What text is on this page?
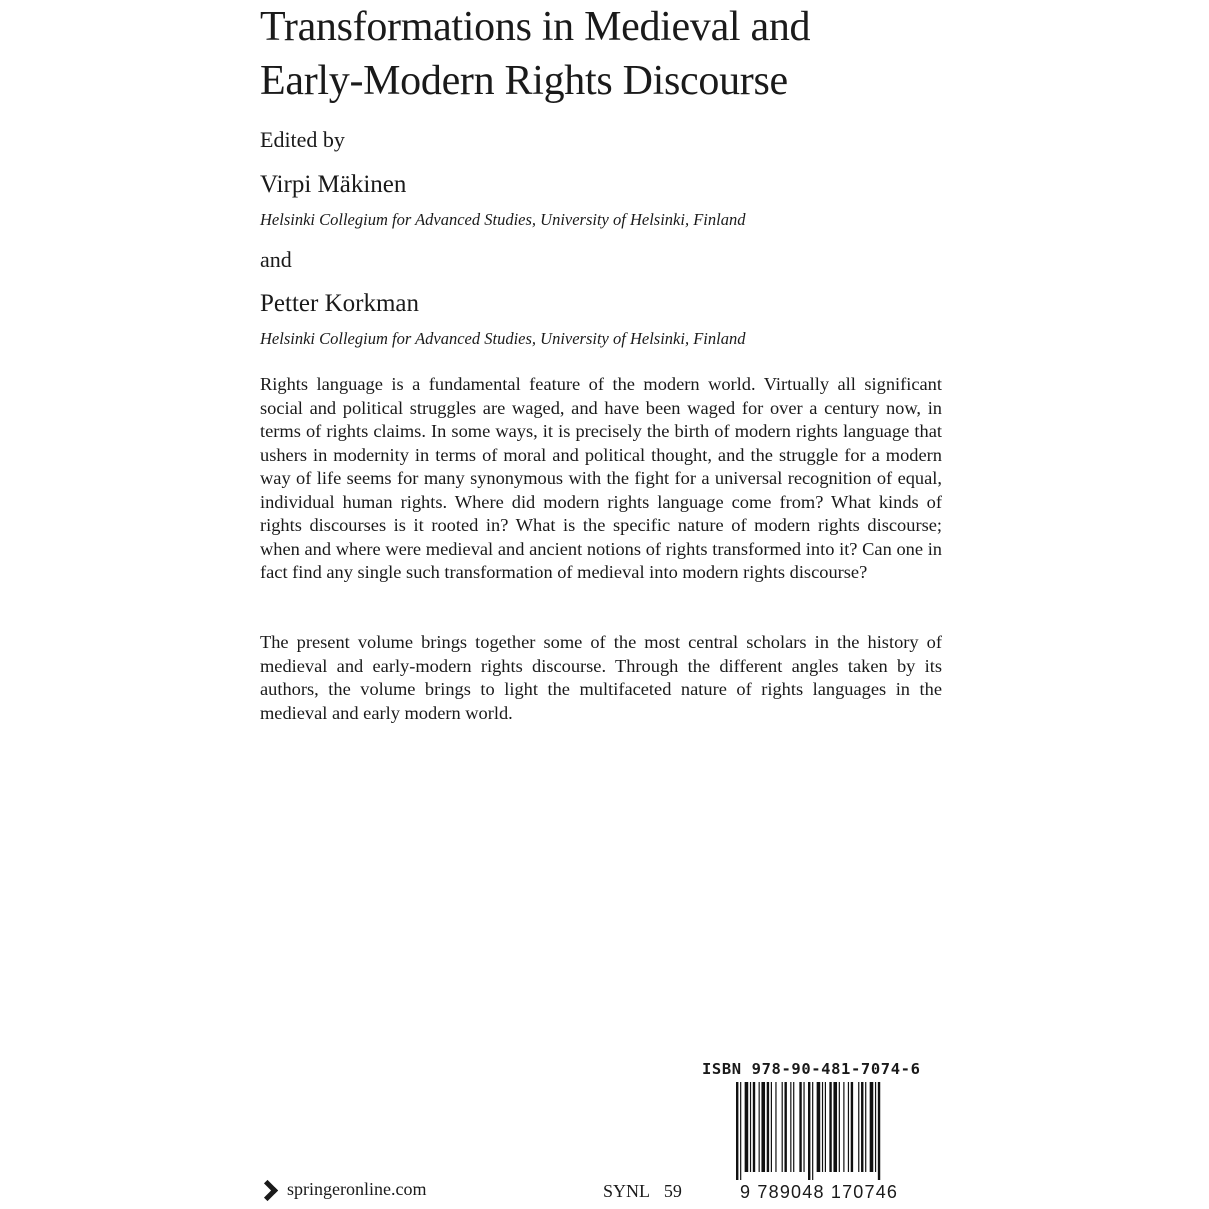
Transformations in Medieval and
Early-Modern Rights Discourse
Edited by
Virpi Mäkinen
Helsinki Collegium for Advanced Studies, University of Helsinki, Finland
and
Petter Korkman
Helsinki Collegium for Advanced Studies, University of Helsinki, Finland

Rights language is a fundamental feature of the modern world. Virtually all significant social and political struggles are waged, and have been waged for over a century now, in terms of rights claims. In some ways, it is precisely the birth of modern rights language that ushers in modernity in terms of moral and political thought, and the struggle for a modern way of life seems for many synonymous with the fight for a universal recognition of equal, individual human rights. Where did modern rights language come from? What kinds of rights discourses is it rooted in? What is the specific nature of modern rights discourse; when and where were medieval and ancient notions of rights transformed into it? Can one in fact find any single such transformation of medieval into modern rights discourse?

The present volume brings together some of the most central scholars in the history of medieval and early-modern rights discourse. Through the different angles taken by its authors, the volume brings to light the multifaceted nature of rights languages in the medieval and early modern world.

ISBN 978-90-481-7074-6
9 789048 170746
springeronline.com	SYNL 59
